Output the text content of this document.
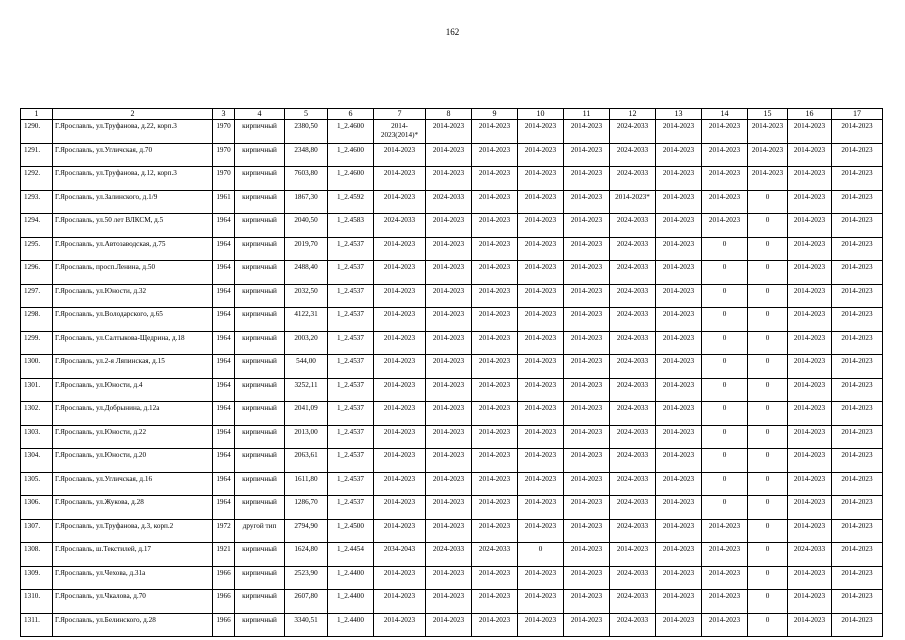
162
1	2	3	4	5	6	7	8	9	10	11	12	13	14	15	16	17
1290.	Г.Ярославль, ул.Труфанова, д.22, корп.3	1970	кирпичный	2380,50	1_2.4600	2014-2023(2014)*	2014-2023	2014-2023	2014-2023	2014-2023	2024-2033	2014-2023	2014-2023	2014-2023	2014-2023	2014-2023
1291.	Г.Ярославль, ул.Угличская, д.70	1970	кирпичный	2348,80	1_2.4600	2014-2023	2014-2023	2014-2023	2014-2023	2014-2023	2024-2033	2014-2023	2014-2023	2014-2023	2014-2023	2014-2023
1292.	Г.Ярославль, ул.Труфанова, д.12, корп.3	1970	кирпичный	7603,80	1_2.4600	2014-2023	2014-2023	2014-2023	2014-2023	2014-2023	2024-2033	2014-2023	2014-2023	2014-2023	2014-2023	2014-2023
1293.	Г.Ярославль, ул.Залинского, д.1/9	1961	кирпичный	1867,30	1_2.4592	2014-2023	2024-2033	2014-2023	2014-2023	2014-2023	2014-2023*	2014-2023	2014-2023	0	2014-2023	2014-2023
1294.	Г.Ярославль, ул.50 лет ВЛКСМ, д.5	1964	кирпичный	2040,50	1_2.4583	2024-2033	2014-2023	2014-2023	2014-2023	2014-2023	2024-2033	2014-2023	2014-2023	0	2014-2023	2014-2023
1295.	Г.Ярославль, ул.Автозаводская, д.75	1964	кирпичный	2019,70	1_2.4537	2014-2023	2014-2023	2014-2023	2014-2023	2014-2023	2024-2033	2014-2023	0	0	2014-2023	2014-2023
1296.	Г.Ярославль, просп.Ленина, д.50	1964	кирпичный	2488,40	1_2.4537	2014-2023	2014-2023	2014-2023	2014-2023	2014-2023	2024-2033	2014-2023	0	0	2014-2023	2014-2023
1297.	Г.Ярославль, ул.Юности, д.32	1964	кирпичный	2032,50	1_2.4537	2014-2023	2014-2023	2014-2023	2014-2023	2014-2023	2024-2033	2014-2023	0	0	2014-2023	2014-2023
1298.	Г.Ярославль, ул.Володарского, д.65	1964	кирпичный	4122,31	1_2.4537	2014-2023	2014-2023	2014-2023	2014-2023	2014-2023	2024-2033	2014-2023	0	0	2014-2023	2014-2023
1299.	Г.Ярославль, ул.Салтыкова-Щедрина, д.18	1964	кирпичный	2003,20	1_2.4537	2014-2023	2014-2023	2014-2023	2014-2023	2014-2023	2024-2033	2014-2023	0	0	2014-2023	2014-2023
1300.	Г.Ярославль, ул.2-я Ляпинская, д.15	1964	кирпичный	544,00	1_2.4537	2014-2023	2014-2023	2014-2023	2014-2023	2014-2023	2024-2033	2014-2023	0	0	2014-2023	2014-2023
1301.	Г.Ярославль, ул.Юности, д.4	1964	кирпичный	3252,11	1_2.4537	2014-2023	2014-2023	2014-2023	2014-2023	2014-2023	2024-2033	2014-2023	0	0	2014-2023	2014-2023
1302.	Г.Ярославль, ул.Добрынина, д.12а	1964	кирпичный	2041,09	1_2.4537	2014-2023	2014-2023	2014-2023	2014-2023	2014-2023	2024-2033	2014-2023	0	0	2014-2023	2014-2023
1303.	Г.Ярославль, ул.Юности, д.22	1964	кирпичный	2013,00	1_2.4537	2014-2023	2014-2023	2014-2023	2014-2023	2014-2023	2024-2033	2014-2023	0	0	2014-2023	2014-2023
1304.	Г.Ярославль, ул.Юности, д.20	1964	кирпичный	2063,61	1_2.4537	2014-2023	2014-2023	2014-2023	2014-2023	2014-2023	2024-2033	2014-2023	0	0	2014-2023	2014-2023
1305.	Г.Ярославль, ул.Угличская, д.16	1964	кирпичный	1611,80	1_2.4537	2014-2023	2014-2023	2014-2023	2014-2023	2014-2023	2024-2033	2014-2023	0	0	2014-2023	2014-2023
1306.	Г.Ярославль, ул.Жукова, д.28	1964	кирпичный	1286,70	1_2.4537	2014-2023	2014-2023	2014-2023	2014-2023	2014-2023	2024-2033	2014-2023	0	0	2014-2023	2014-2023
1307.	Г.Ярославль, ул.Труфанова, д.3, корп.2	1972	другой тип	2794,90	1_2.4500	2014-2023	2014-2023	2014-2023	2014-2023	2014-2023	2024-2033	2014-2023	2014-2023	0	2014-2023	2014-2023
1308.	Г.Ярославль, ш.Текстилей, д.17	1921	кирпичный	1624,80	1_2.4454	2034-2043	2024-2033	2024-2033	0	2014-2023	2014-2023	2014-2023	2014-2023	0	2024-2033	2014-2023
1309.	Г.Ярославль, ул.Чехова, д.31а	1966	кирпичный	2523,90	1_2.4400	2014-2023	2014-2023	2014-2023	2014-2023	2014-2023	2024-2033	2014-2023	2014-2023	0	2014-2023	2014-2023
1310.	Г.Ярославль, ул.Чкалова, д.70	1966	кирпичный	2607,80	1_2.4400	2014-2023	2014-2023	2014-2023	2014-2023	2014-2023	2024-2033	2014-2023	2014-2023	0	2014-2023	2014-2023
1311.	Г.Ярославль, ул.Белинского, д.28	1966	кирпичный	3340,51	1_2.4400	2014-2023	2014-2023	2014-2023	2014-2023	2014-2023	2024-2033	2014-2023	2014-2023	0	2014-2023	2014-2023
